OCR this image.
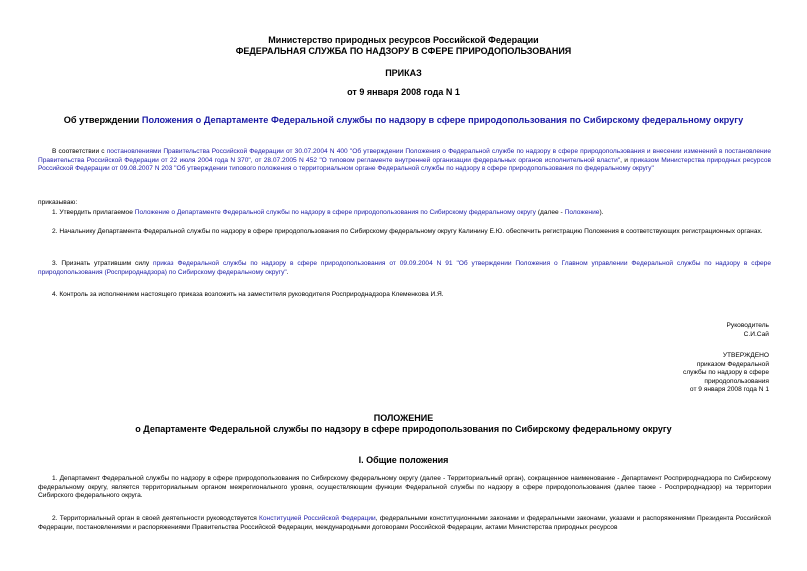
Министерство природных ресурсов Российской Федерации
ФЕДЕРАЛЬНАЯ СЛУЖБА ПО НАДЗОРУ В СФЕРЕ ПРИРОДОПОЛЬЗОВАНИЯ
ПРИКАЗ
от 9 января 2008 года N 1
Об утверждении Положения о Департаменте Федеральной службы по надзору в сфере природопользования по Сибирскому федеральному округу
В соответствии с постановлениями Правительства Российской Федерации от 30.07.2004 N 400 "Об утверждении Положения о Федеральной службе по надзору в сфере природопользования и внесении изменений в постановление Правительства Российской Федерации от 22 июля 2004 года N 370", от 28.07.2005 N 452 "О типовом регламенте внутренней организации федеральных органов исполнительной власти", и приказом Министерства природных ресурсов Российской Федерации от 09.08.2007 N 203 "Об утверждении типового положения о территориальном органе Федеральной службы по надзору в сфере природопользования по федеральному округу"
приказываю:
1. Утвердить прилагаемое Положение о Департаменте Федеральной службы по надзору в сфере природопользования по Сибирскому федеральному округу (далее - Положение).
2. Начальнику Департамента Федеральной службы по надзору в сфере природопользования по Сибирскому федеральному округу Калинину Е.Ю. обеспечить регистрацию Положения в соответствующих регистрационных органах.
3. Признать утратившим силу приказ Федеральной службы по надзору в сфере природопользования от 09.09.2004 N 91 "Об утверждении Положения о Главном управлении Федеральной службы по надзору в сфере природопользования (Росприроднадзора) по Сибирскому федеральному округу".
4. Контроль за исполнением настоящего приказа возложить на заместителя руководителя Росприроднадзора Клеменкова И.Я.
Руководитель
С.И.Сай
УТВЕРЖДЕНО
приказом Федеральной
службы по надзору в сфере
природопользования
от 9 января 2008 года N 1
ПОЛОЖЕНИЕ
о Департаменте Федеральной службы по надзору в сфере природопользования по Сибирскому федеральному округу
I. Общие положения
1. Департамент Федеральной службы по надзору в сфере природопользования по Сибирскому федеральному округу (далее - Территориальный орган), сокращенное наименование - Департамент Росприроднадзора по Сибирскому федеральному округу, является территориальным органом межрегионального уровня, осуществляющим функции Федеральной службы по надзору в сфере природопользования (далее также - Росприроднадзор) на территории Сибирского федерального округа.
2. Территориальный орган в своей деятельности руководствуется Конституцией Российской Федерации, федеральными конституционными законами и федеральными законами, указами и распоряжениями Президента Российской Федерации, постановлениями и распоряжениями Правительства Российской Федерации, международными договорами Российской Федерации, актами Министерства природных ресурсов
